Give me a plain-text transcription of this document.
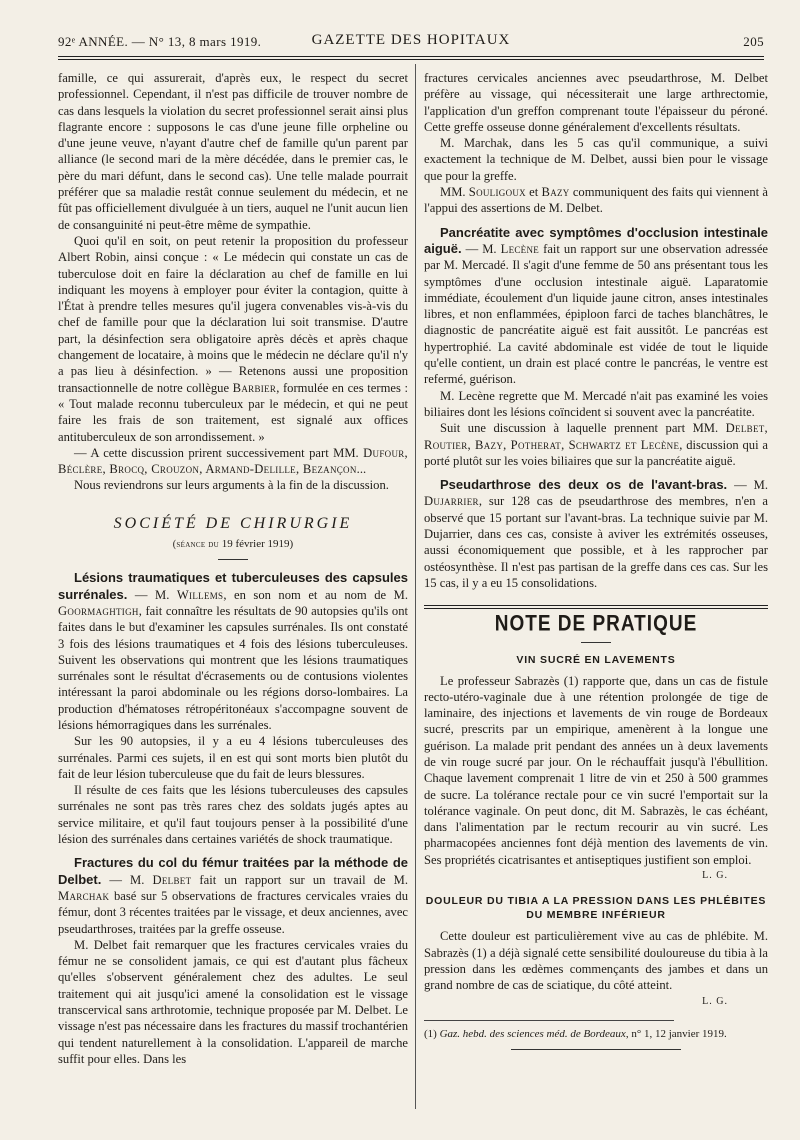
92ᵉ ANNÉE. — N° 13, 8 mars 1919.	GAZETTE DES HOPITAUX	205

famille, ce qui assurerait, d'après eux, le respect du secret professionnel. Cependant, il n'est pas difficile de trouver nombre de cas dans lesquels la violation du secret professionnel serait ainsi plus flagrante encore : supposons le cas d'une jeune fille orpheline ou d'une jeune veuve, n'ayant d'autre chef de famille qu'un parent par alliance (le second mari de la mère décédée, dans le premier cas, le père du mari défunt, dans le second cas). Une telle malade pourrait préférer que sa maladie restât connue seulement du médecin, et ne fût pas officiellement divulguée à un tiers, auquel ne l'unit aucun lien de consanguinité ni peut-être même de sympathie.

Quoi qu'il en soit, on peut retenir la proposition du professeur Albert Robin, ainsi conçue : « Le médecin qui constate un cas de tuberculose doit en faire la déclaration au chef de famille en lui indiquant les moyens à employer pour éviter la contagion, quitte à l'État à prendre telles mesures qu'il jugera convenables vis-à-vis du chef de famille pour que la déclaration lui soit transmise. D'autre part, la désinfection sera obligatoire après décès et après chaque changement de locataire, à moins que le médecin ne déclare qu'il n'y a pas lieu à désinfection. » — Retenons aussi une proposition transactionnelle de notre collègue Barbier, formulée en ces termes : « Tout malade reconnu tuberculeux par le médecin, et qui ne peut faire les frais de son traitement, est signalé aux offices antituberculeux de son arrondissement. »

— A cette discussion prirent successivement part MM. Dufour, Béclère, Brocq, Crouzon, Armand-Delille, Bezançon...

Nous reviendrons sur leurs arguments à la fin de la discussion.

SOCIÉTÉ DE CHIRURGIE
(séance du 19 février 1919)

Lésions traumatiques et tuberculeuses des capsules surrénales. — M. Willems, en son nom et au nom de M. Goormaghtigh, fait connaître les résultats de 90 autopsies qu'ils ont faites dans le but d'examiner les capsules surrénales. Ils ont constaté 3 fois des lésions traumatiques et 4 fois des lésions tuberculeuses. Suivent les observations qui montrent que les lésions traumatiques surrénales sont le résultat d'écrasements ou de contusions violentes intéressant la paroi abdominale ou les régions dorso-lombaires. La production d'hématoses rétropéritonéaux s'accompagne souvent de lésions hémorragiques dans les surrénales.

Sur les 90 autopsies, il y a eu 4 lésions tuberculeuses des surrénales. Parmi ces sujets, il en est qui sont morts bien plutôt du fait de leur lésion tuberculeuse que du fait de leurs blessures.

Il résulte de ces faits que les lésions tuberculeuses des capsules surrénales ne sont pas très rares chez des soldats jugés aptes au service militaire, et qu'il faut toujours penser à la possibilité d'une lésion des surrénales dans certaines variétés de shock traumatique.

Fractures du col du fémur traitées par la méthode de Delbet. — M. Delbet fait un rapport sur un travail de M. Marchak basé sur 5 observations de fractures cervicales vraies du fémur, dont 3 récentes traitées par le vissage, et deux anciennes, avec pseudarthroses, traitées par la greffe osseuse.

M. Delbet fait remarquer que les fractures cervicales vraies du fémur ne se consolident jamais, ce qui est d'autant plus fâcheux qu'elles s'observent généralement chez des adultes. Le seul traitement qui ait jusqu'ici amené la consolidation est le vissage transcervical sans arthrotomie, technique proposée par M. Delbet. Le vissage n'est pas nécessaire dans les fractures du massif trochantérien qui tendent naturellement à la consolidation. L'appareil de marche suffit pour elles. Dans les

fractures cervicales anciennes avec pseudarthrose, M. Delbet préfère au vissage, qui nécessiterait une large arthrectomie, l'application d'un greffon comprenant toute l'épaisseur du péroné. Cette greffe osseuse donne généralement d'excellents résultats.

M. Marchak, dans les 5 cas qu'il communique, a suivi exactement la technique de M. Delbet, aussi bien pour le vissage que pour la greffe.

MM. Souligoux et Bazy communiquent des faits qui viennent à l'appui des assertions de M. Delbet.

Pancréatite avec symptômes d'occlusion intestinale aiguë. — M. Lecène fait un rapport sur une observation adressée par M. Mercadé. Il s'agit d'une femme de 50 ans présentant tous les symptômes d'une occlusion intestinale aiguë. Laparatomie immédiate, écoulement d'un liquide jaune citron, anses intestinales libres, et non enflammées, épiploon farci de taches blanchâtres, le diagnostic de pancréatite aiguë est fait aussitôt. Le pancréas est hypertrophié. La cavité abdominale est vidée de tout le liquide qu'elle contient, un drain est placé contre le pancréas, le ventre est refermé, guérison.

M. Lecène regrette que M. Mercadé n'ait pas examiné les voies biliaires dont les lésions coïncident si souvent avec la pancréatite.

Suit une discussion à laquelle prennent part MM. Delbet, Routier, Bazy, Potherat, Schwartz et Lecène, discussion qui a porté plutôt sur les voies biliaires que sur la pancréatite aiguë.

Pseudarthrose des deux os de l'avant-bras. — M. Dujarrier, sur 128 cas de pseudarthrose des membres, n'en a observé que 15 portant sur l'avant-bras. La technique suivie par M. Dujarrier, dans ces cas, consiste à aviver les extrémités osseuses, aussi économiquement que possible, et à les rapprocher par ostéosynthèse. Il n'est pas partisan de la greffe dans ces cas. Sur les 15 cas, il y a eu 15 consolidations.

NOTE DE PRATIQUE
VIN SUCRÉ EN LAVEMENTS

Le professeur Sabrazès (1) rapporte que, dans un cas de fistule recto-utéro-vaginale due à une rétention prolongée de tige de laminaire, des injections et lavements de vin rouge de Bordeaux sucré, prescrits par un empirique, amenèrent à la longue une guérison. La malade prit pendant des années un à deux lavements de vin rouge sucré par jour. On le réchauffait jusqu'à l'ébullition. Chaque lavement comprenait 1 litre de vin et 250 à 500 grammes de sucre. La tolérance rectale pour ce vin sucré l'emportait sur la tolérance vaginale. On peut donc, dit M. Sabrazès, le cas échéant, dans l'alimentation par le rectum recourir au vin sucré. Les pharmacopées anciennes font déjà mention des lavements de vin. Ses propriétés cicatrisantes et antiseptiques justifient son emploi.

L. G.
DOULEUR DU TIBIA A LA PRESSION DANS LES PHLÉBITES DU MEMBRE INFÉRIEUR

Cette douleur est particulièrement vive au cas de phlébite. M. Sabrazès (1) a déjà signalé cette sensibilité douloureuse du tibia à la pression dans les œdèmes commençants des jambes et dans un grand nombre de cas de sciatique, du côté atteint.

L. G.

(1) Gaz. hebd. des sciences méd. de Bordeaux, n° 1, 12 janvier 1919.
